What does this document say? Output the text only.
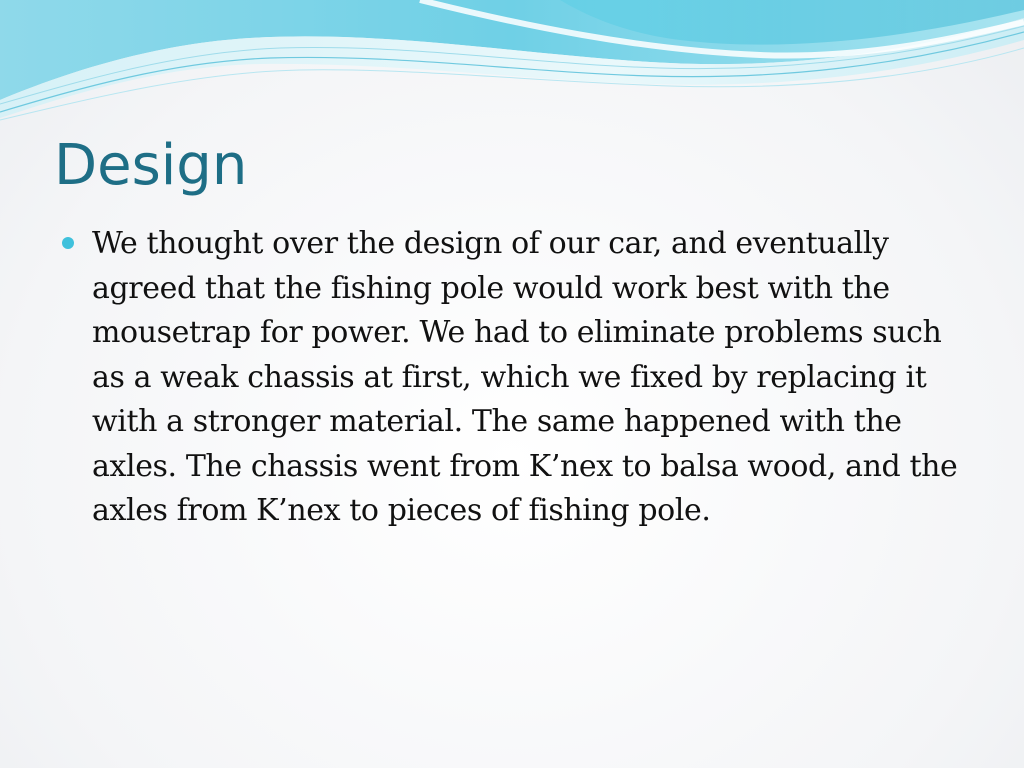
Design

We thought over the design of our car, and eventually agreed that the fishing pole would work best with the mousetrap for power. We had to eliminate problems such as a weak chassis at first, which we fixed by replacing it with a stronger material. The same happened with the axles. The chassis went from K’nex to balsa wood, and the axles from K’nex to pieces of fishing pole.
